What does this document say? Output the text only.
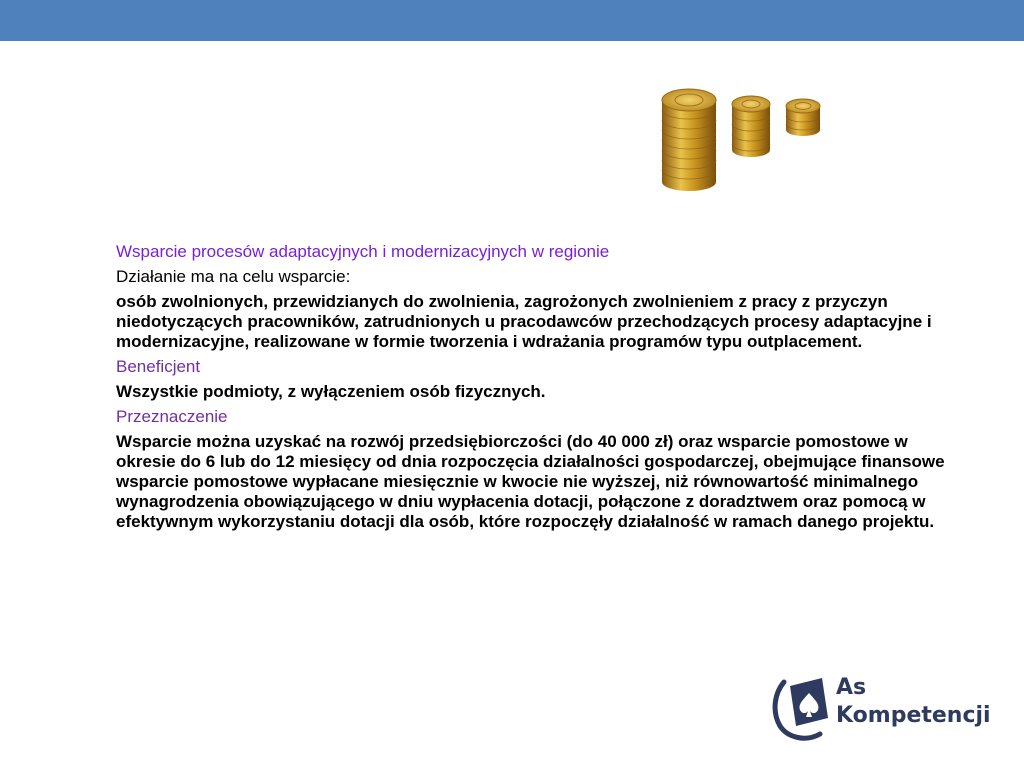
Wsparcie procesów adaptacyjnych i modernizacyjnych w regionie

Działanie ma na celu wsparcie:

osób zwolnionych, przewidzianych do zwolnienia, zagrożonych zwolnieniem z pracy z przyczyn niedotyczących pracowników, zatrudnionych u pracodawców przechodzących procesy adaptacyjne i modernizacyjne, realizowane w formie tworzenia i wdrażania programów typu outplacement.

Beneficjent

Wszystkie podmioty, z wyłączeniem osób fizycznych.

Przeznaczenie

Wsparcie można uzyskać na rozwój przedsiębiorczości (do 40 000 zł) oraz wsparcie pomostowe w okresie do 6 lub do 12 miesięcy od dnia rozpoczęcia działalności gospodarczej, obejmujące finansowe wsparcie pomostowe wypłacane miesięcznie w kwocie nie wyższej, niż równowartość minimalnego wynagrodzenia obowiązującego w dniu wypłacenia dotacji, połączone z doradztwem oraz pomocą w efektywnym wykorzystaniu dotacji dla osób, które rozpoczęły działalność w ramach danego projektu.

As
Kompetencji
